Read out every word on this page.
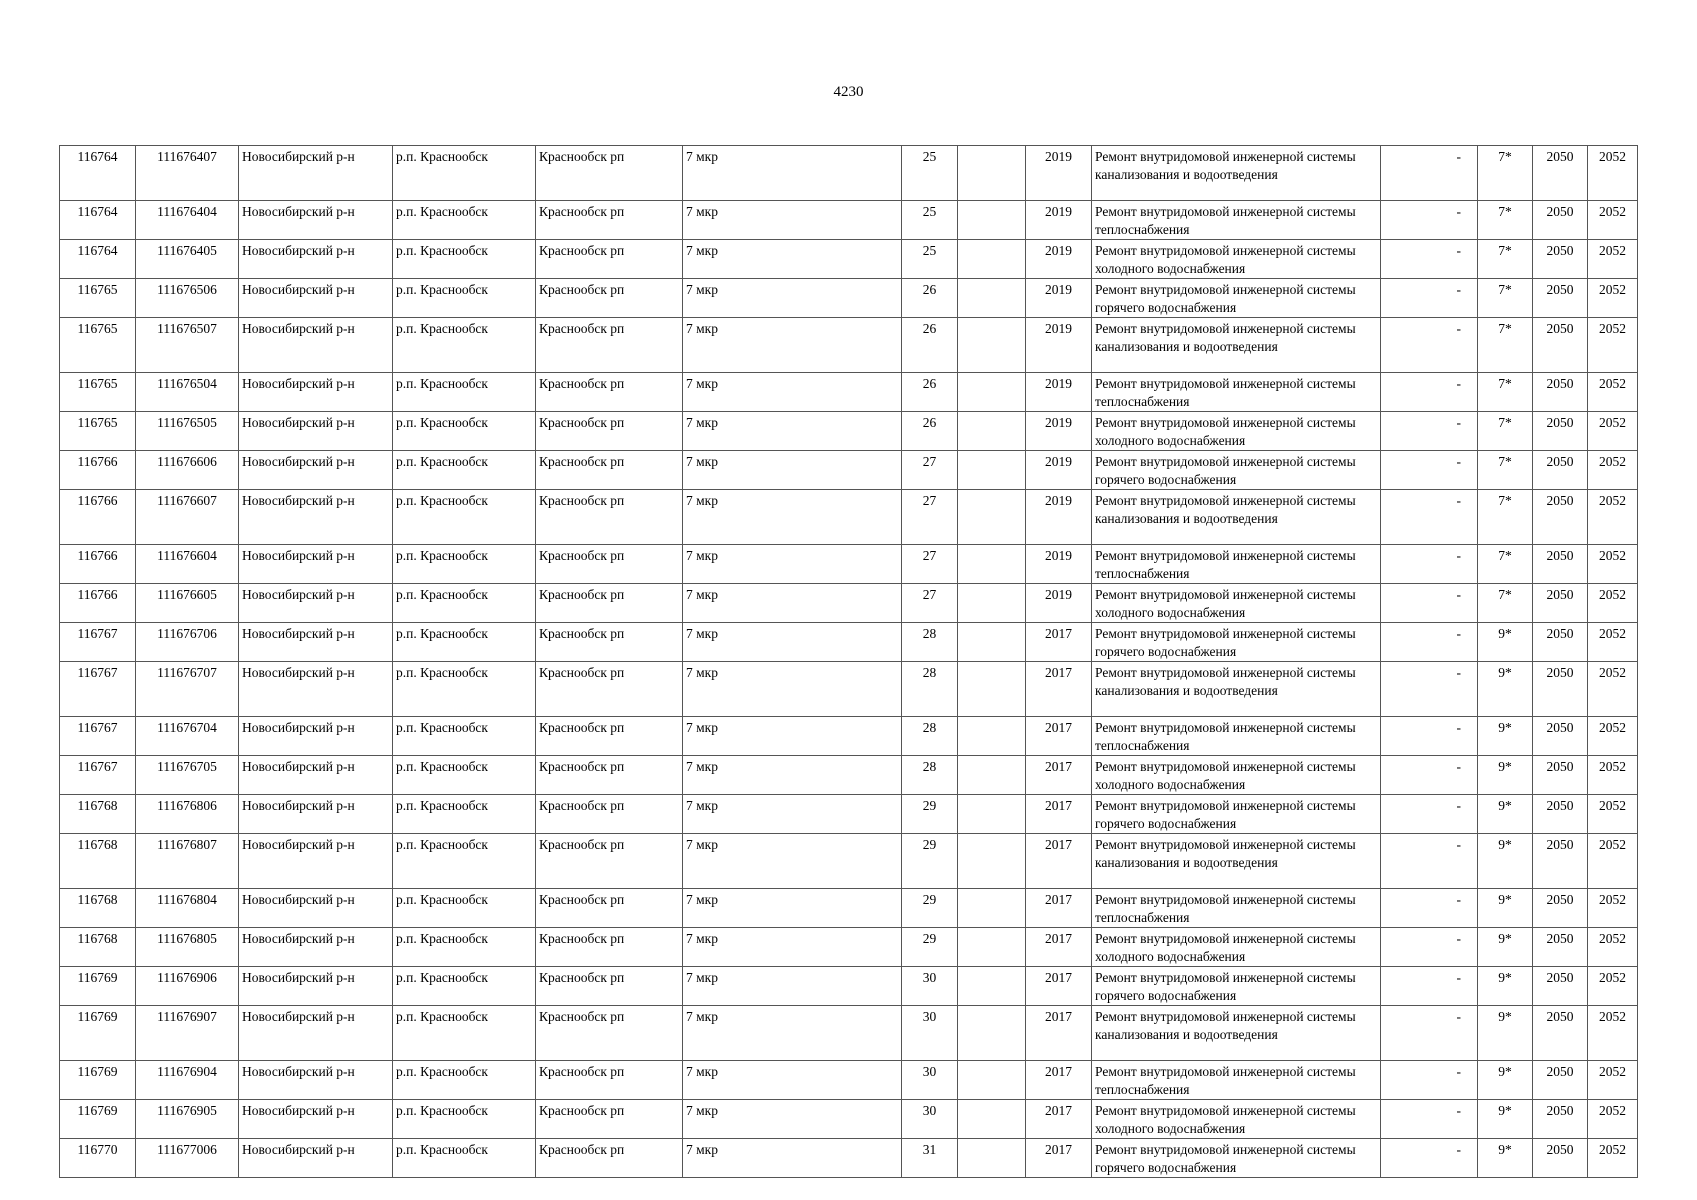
4230
116764	111676407	Новосибирский р-н	р.п. Краснообск	Краснообск рп	7 мкр	25		2019	Ремонт внутридомовой инженерной системы канализования и водоотведения	-	7*	2050	2052
116764	111676404	Новосибирский р-н	р.п. Краснообск	Краснообск рп	7 мкр	25		2019	Ремонт внутридомовой инженерной системы теплоснабжения	-	7*	2050	2052
116764	111676405	Новосибирский р-н	р.п. Краснообск	Краснообск рп	7 мкр	25		2019	Ремонт внутридомовой инженерной системы холодного водоснабжения	-	7*	2050	2052
116765	111676506	Новосибирский р-н	р.п. Краснообск	Краснообск рп	7 мкр	26		2019	Ремонт внутридомовой инженерной системы горячего водоснабжения	-	7*	2050	2052
116765	111676507	Новосибирский р-н	р.п. Краснообск	Краснообск рп	7 мкр	26		2019	Ремонт внутридомовой инженерной системы канализования и водоотведения	-	7*	2050	2052
116765	111676504	Новосибирский р-н	р.п. Краснообск	Краснообск рп	7 мкр	26		2019	Ремонт внутридомовой инженерной системы теплоснабжения	-	7*	2050	2052
116765	111676505	Новосибирский р-н	р.п. Краснообск	Краснообск рп	7 мкр	26		2019	Ремонт внутридомовой инженерной системы холодного водоснабжения	-	7*	2050	2052
116766	111676606	Новосибирский р-н	р.п. Краснообск	Краснообск рп	7 мкр	27		2019	Ремонт внутридомовой инженерной системы горячего водоснабжения	-	7*	2050	2052
116766	111676607	Новосибирский р-н	р.п. Краснообск	Краснообск рп	7 мкр	27		2019	Ремонт внутридомовой инженерной системы канализования и водоотведения	-	7*	2050	2052
116766	111676604	Новосибирский р-н	р.п. Краснообск	Краснообск рп	7 мкр	27		2019	Ремонт внутридомовой инженерной системы теплоснабжения	-	7*	2050	2052
116766	111676605	Новосибирский р-н	р.п. Краснообск	Краснообск рп	7 мкр	27		2019	Ремонт внутридомовой инженерной системы холодного водоснабжения	-	7*	2050	2052
116767	111676706	Новосибирский р-н	р.п. Краснообск	Краснообск рп	7 мкр	28		2017	Ремонт внутридомовой инженерной системы горячего водоснабжения	-	9*	2050	2052
116767	111676707	Новосибирский р-н	р.п. Краснообск	Краснообск рп	7 мкр	28		2017	Ремонт внутридомовой инженерной системы канализования и водоотведения	-	9*	2050	2052
116767	111676704	Новосибирский р-н	р.п. Краснообск	Краснообск рп	7 мкр	28		2017	Ремонт внутридомовой инженерной системы теплоснабжения	-	9*	2050	2052
116767	111676705	Новосибирский р-н	р.п. Краснообск	Краснообск рп	7 мкр	28		2017	Ремонт внутридомовой инженерной системы холодного водоснабжения	-	9*	2050	2052
116768	111676806	Новосибирский р-н	р.п. Краснообск	Краснообск рп	7 мкр	29		2017	Ремонт внутридомовой инженерной системы горячего водоснабжения	-	9*	2050	2052
116768	111676807	Новосибирский р-н	р.п. Краснообск	Краснообск рп	7 мкр	29		2017	Ремонт внутридомовой инженерной системы канализования и водоотведения	-	9*	2050	2052
116768	111676804	Новосибирский р-н	р.п. Краснообск	Краснообск рп	7 мкр	29		2017	Ремонт внутридомовой инженерной системы теплоснабжения	-	9*	2050	2052
116768	111676805	Новосибирский р-н	р.п. Краснообск	Краснообск рп	7 мкр	29		2017	Ремонт внутридомовой инженерной системы холодного водоснабжения	-	9*	2050	2052
116769	111676906	Новосибирский р-н	р.п. Краснообск	Краснообск рп	7 мкр	30		2017	Ремонт внутридомовой инженерной системы горячего водоснабжения	-	9*	2050	2052
116769	111676907	Новосибирский р-н	р.п. Краснообск	Краснообск рп	7 мкр	30		2017	Ремонт внутридомовой инженерной системы канализования и водоотведения	-	9*	2050	2052
116769	111676904	Новосибирский р-н	р.п. Краснообск	Краснообск рп	7 мкр	30		2017	Ремонт внутридомовой инженерной системы теплоснабжения	-	9*	2050	2052
116769	111676905	Новосибирский р-н	р.п. Краснообск	Краснообск рп	7 мкр	30		2017	Ремонт внутридомовой инженерной системы холодного водоснабжения	-	9*	2050	2052
116770	111677006	Новосибирский р-н	р.п. Краснообск	Краснообск рп	7 мкр	31		2017	Ремонт внутридомовой инженерной системы горячего водоснабжения	-	9*	2050	2052
